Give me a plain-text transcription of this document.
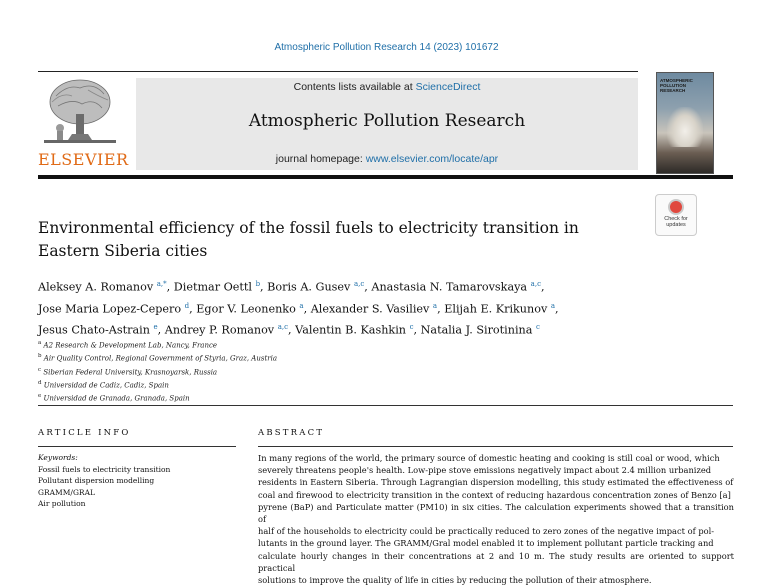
Atmospheric Pollution Research 14 (2023) 101672
ELSEVIER
Contents lists available at ScienceDirect
Atmospheric Pollution Research
journal homepage: www.elsevier.com/locate/apr
ATMOSPHERIC POLLUTION RESEARCH
Environmental efficiency of the fossil fuels to electricity transition in
Eastern Siberia cities
Check for
updates
Aleksey A. Romanov $^{a,*}$, Dietmar Oettl $^b$, Boris A. Gusev $^{a,c}$, Anastasia N. Tamarovskaya $^{a,c}$,
Jose Maria Lopez-Cepero $^d$, Egor V. Leonenko $^a$, Alexander S. Vasiliev $^a$, Elijah E. Krikunov $^a$,
Jesus Chato-Astrain $^e$, Andrey P. Romanov $^{a,c}$, Valentin B. Kashkin $^c$, Natalia J. Sirotinina $^c$
$^a$ A2 Research & Development Lab, Nancy, France
$^b$ Air Quality Control, Regional Government of Styria, Graz, Austria
$^c$ Siberian Federal University, Krasnoyarsk, Russia
$^d$ Universidad de Cadiz, Cadiz, Spain
$^e$ Universidad de Granada, Granada, Spain
ARTICLE INFO	ABSTRACT
Keywords:
Fossil fuels to electricity transition
Pollutant dispersion modelling
GRAMM/GRAL
Air pollution
In many regions of the world, the primary source of domestic heating and cooking is still coal or wood, which
severely threatens people's health. Low-pipe stove emissions negatively impact about 2.4 million urbanized
residents in Eastern Siberia. Through Lagrangian dispersion modelling, this study estimated the effectiveness of
coal and firewood to electricity transition in the context of reducing hazardous concentration zones of Benzo [a]
pyrene (BaP) and Particulate matter (PM10) in six cities. The calculation experiments showed that a transition of
half of the households to electricity could be practically reduced to zero zones of the negative impact of pol-
lutants in the ground layer. The GRAMM/Gral model enabled it to implement pollutant particle tracking and
calculate hourly changes in their concentrations at 2 and 10 m. The study results are oriented to support practical
solutions to improve the quality of life in cities by reducing the pollution of their atmosphere.
